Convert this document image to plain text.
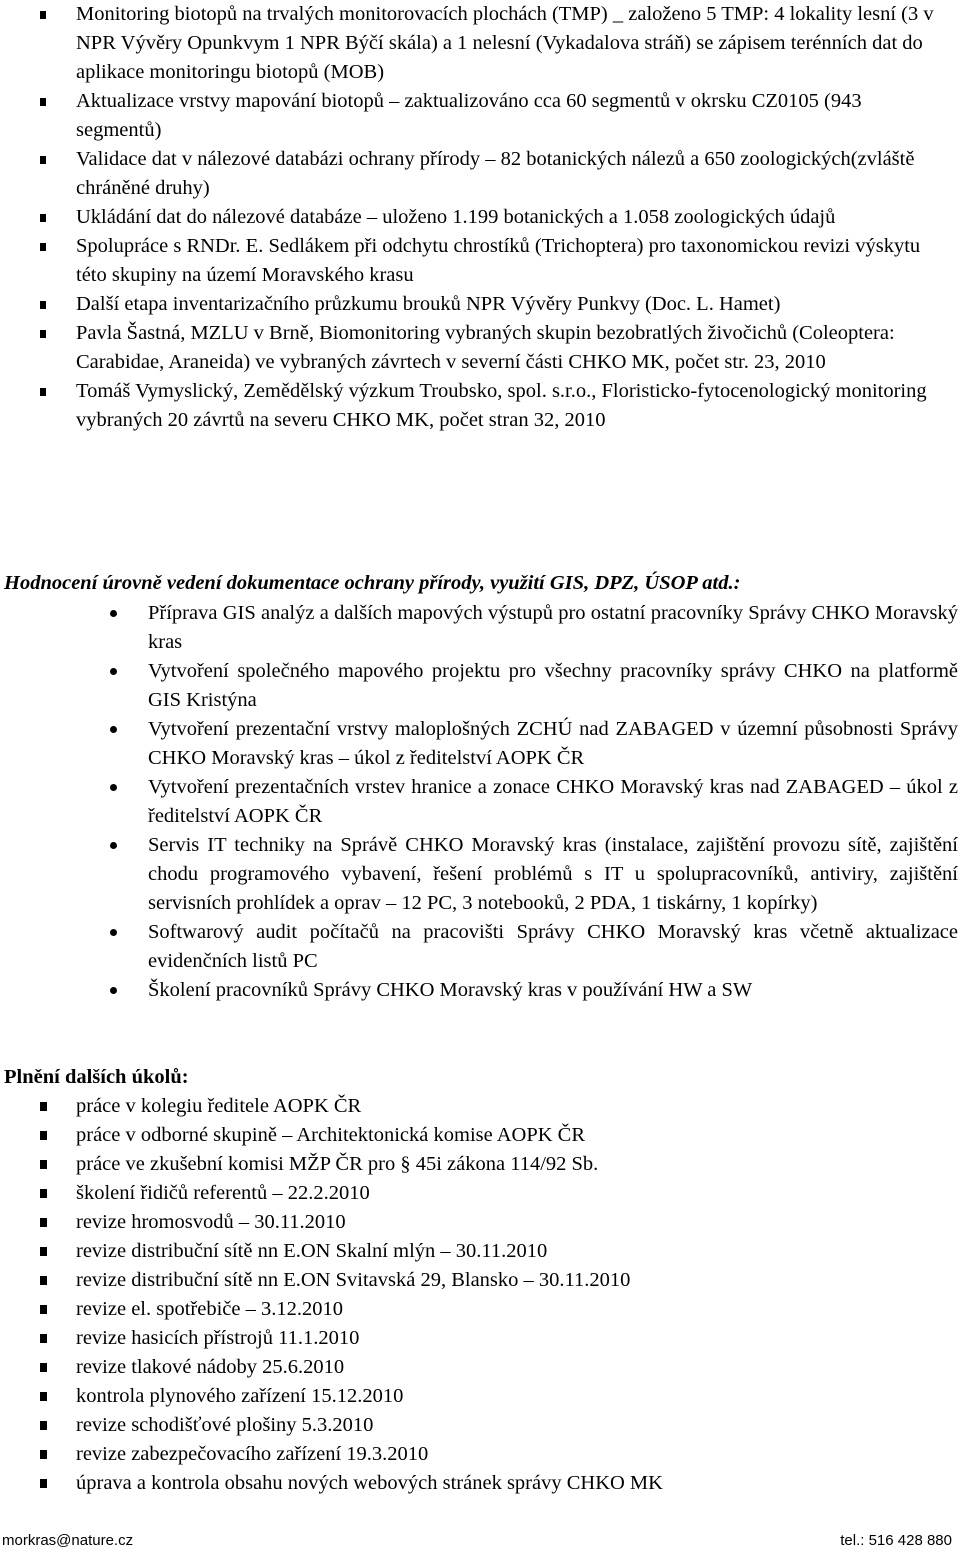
Monitoring biotopů na trvalých monitorovacích plochách (TMP) _ založeno 5 TMP: 4 lokality lesní (3 v NPR Vývěry Opunkvym 1 NPR Býčí skála) a 1 nelesní (Vykadalova stráň) se zápisem terénních dat do aplikace monitoringu biotopů (MOB)
Aktualizace vrstvy mapování biotopů – zaktualizováno cca 60 segmentů v okrsku CZ0105 (943 segmentů)
Validace dat v nálezové databázi ochrany přírody – 82 botanických nálezů a 650 zoologických(zvláště chráněné druhy)
Ukládání dat do nálezové databáze – uloženo 1.199 botanických a 1.058 zoologických údajů
Spolupráce s RNDr. E. Sedlákem při odchytu chrostíků (Trichoptera) pro taxonomickou revizi výskytu této skupiny na území Moravského krasu
Další etapa inventarizačního průzkumu brouků NPR Vývěry Punkvy (Doc. L. Hamet)
Pavla Šastná, MZLU v Brně, Biomonitoring vybraných skupin bezobratlých živočichů (Coleoptera: Carabidae, Araneida) ve vybraných závrtech v severní části CHKO MK, počet str. 23, 2010
Tomáš Vymyslický, Zemědělský výzkum Troubsko, spol. s.r.o., Floristicko-fytocenologický monitoring vybraných 20 závrtů na severu CHKO MK, počet stran 32, 2010
Hodnocení úrovně vedení dokumentace ochrany přírody, využití GIS, DPZ, ÚSOP atd.:
Příprava GIS analýz a dalších mapových výstupů pro ostatní pracovníky Správy CHKO Moravský kras
Vytvoření společného mapového projektu pro všechny pracovníky správy CHKO na platformě GIS Kristýna
Vytvoření prezentační vrstvy maloplošných ZCHÚ nad ZABAGED v územní působnosti Správy CHKO Moravský kras – úkol z ředitelství AOPK ČR
Vytvoření prezentačních vrstev hranice a zonace CHKO Moravský kras nad ZABAGED – úkol z ředitelství AOPK ČR
Servis IT techniky na Správě CHKO Moravský kras (instalace, zajištění provozu sítě, zajištění chodu programového vybavení, řešení problémů s IT u spolupracovníků, antiviry, zajištění servisních prohlídek a oprav – 12 PC, 3 notebooků, 2 PDA, 1 tiskárny, 1 kopírky)
Softwarový audit počítačů na pracovišti Správy CHKO Moravský kras včetně aktualizace evidenčních listů PC
Školení pracovníků Správy CHKO Moravský kras v používání HW a SW
Plnění dalších úkolů:
práce v kolegiu ředitele AOPK ČR
práce v odborné skupině – Architektonická komise AOPK ČR
práce ve zkušební komisi MŽP ČR pro § 45i zákona 114/92 Sb.
školení řidičů referentů – 22.2.2010
revize hromosvodů – 30.11.2010
revize distribuční sítě nn E.ON Skalní mlýn – 30.11.2010
revize distribuční sítě nn E.ON Svitavská 29, Blansko – 30.11.2010
revize el. spotřebiče – 3.12.2010
revize hasicích přístrojů 11.1.2010
revize tlakové nádoby 25.6.2010
kontrola plynového zařízení 15.12.2010
revize schodišťové plošiny 5.3.2010
revize zabezpečovacího zařízení 19.3.2010
úprava a kontrola obsahu nových webových stránek správy CHKO MK
morkras@nature.cz	tel.: 516 428 880
